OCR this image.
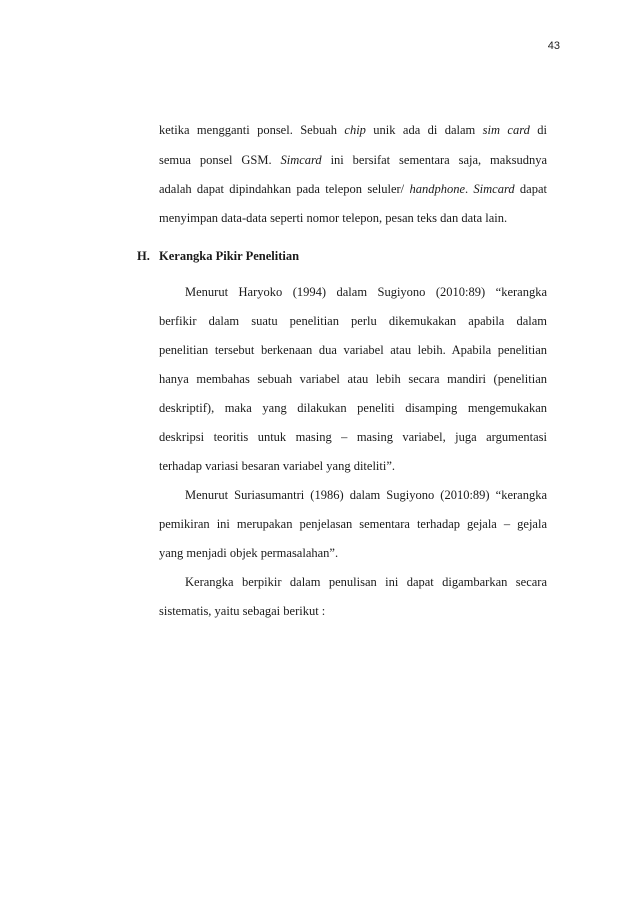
43
ketika mengganti ponsel. Sebuah chip unik ada di dalam sim card di
semua ponsel GSM. Simcard ini bersifat sementara saja, maksudnya
adalah dapat dipindahkan pada telepon seluler/ handphone. Simcard dapat
menyimpan data-data seperti nomor telepon, pesan teks dan data lain.
H. Kerangka Pikir Penelitian
Menurut Haryoko (1994) dalam Sugiyono (2010:89) “kerangka
berfikir dalam suatu penelitian perlu dikemukakan apabila dalam
penelitian tersebut berkenaan dua variabel atau lebih. Apabila penelitian
hanya membahas sebuah variabel atau lebih secara mandiri (penelitian
deskriptif), maka yang dilakukan peneliti disamping mengemukakan
deskripsi teoritis untuk masing – masing variabel, juga argumentasi
terhadap variasi besaran variabel yang diteliti”.
Menurut Suriasumantri (1986) dalam Sugiyono (2010:89) “kerangka
pemikiran ini merupakan penjelasan sementara terhadap gejala – gejala
yang menjadi objek permasalahan”.
Kerangka berpikir dalam penulisan ini dapat digambarkan secara
sistematis, yaitu sebagai berikut :
